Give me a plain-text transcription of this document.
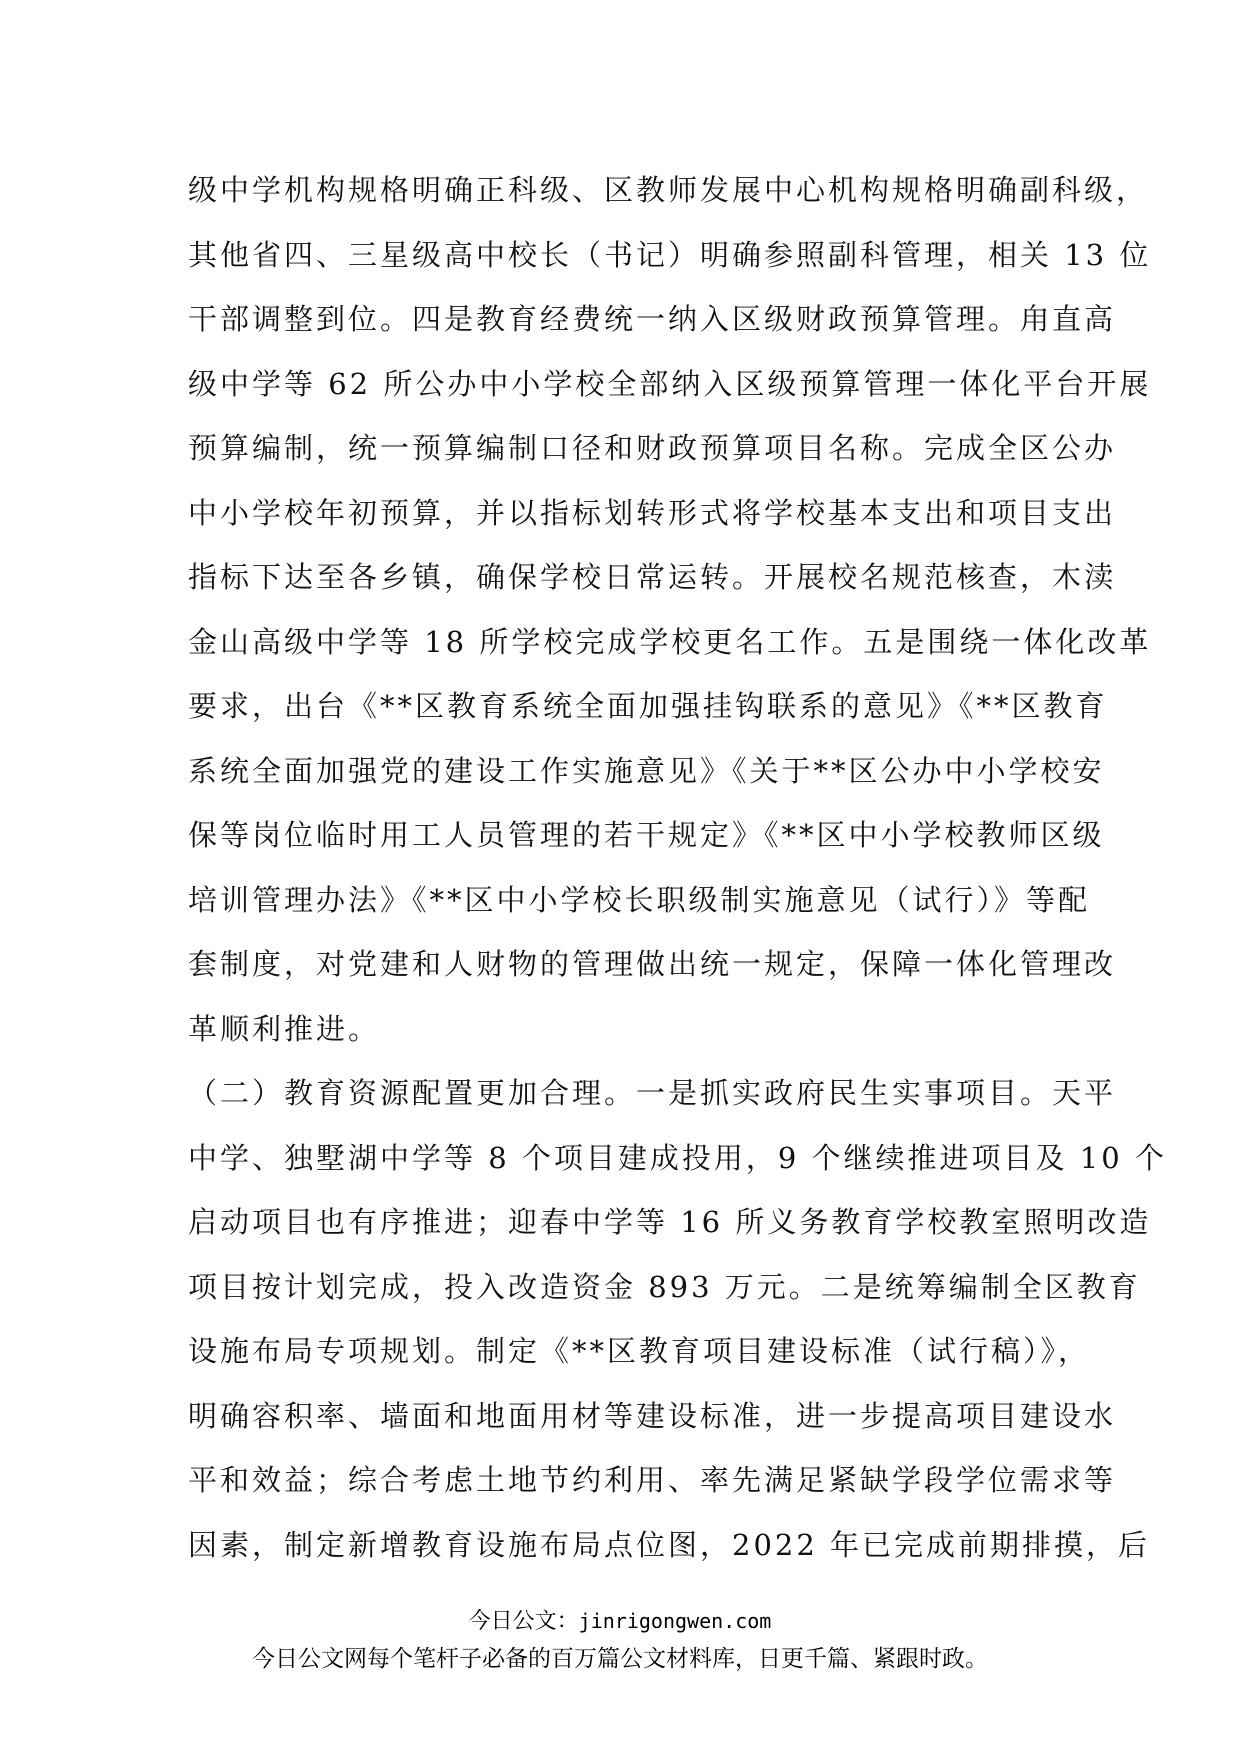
级中学机构规格明确正科级、区教师发展中心机构规格明确副科级，
其他省四、三星级高中校长（书记）明确参照副科管理，相关 13 位
干部调整到位。四是教育经费统一纳入区级财政预算管理。甪直高
级中学等 62 所公办中小学校全部纳入区级预算管理一体化平台开展
预算编制，统一预算编制口径和财政预算项目名称。完成全区公办
中小学校年初预算，并以指标划转形式将学校基本支出和项目支出
指标下达至各乡镇，确保学校日常运转。开展校名规范核查，木渎
金山高级中学等 18 所学校完成学校更名工作。五是围绕一体化改革
要求，出台《**区教育系统全面加强挂钩联系的意见》《**区教育
系统全面加强党的建设工作实施意见》《关于**区公办中小学校安
保等岗位临时用工人员管理的若干规定》《**区中小学校教师区级
培训管理办法》《**区中小学校长职级制实施意见（试行）》等配
套制度，对党建和人财物的管理做出统一规定，保障一体化管理改
革顺利推进。
（二）教育资源配置更加合理。一是抓实政府民生实事项目。天平
中学、独墅湖中学等 8 个项目建成投用，9 个继续推进项目及 10 个
启动项目也有序推进；迎春中学等 16 所义务教育学校教室照明改造
项目按计划完成，投入改造资金 893 万元。二是统筹编制全区教育
设施布局专项规划。制定《**区教育项目建设标准（试行稿）》，
明确容积率、墙面和地面用材等建设标准，进一步提高项目建设水
平和效益；综合考虑土地节约利用、率先满足紧缺学段学位需求等
因素，制定新增教育设施布局点位图，2022 年已完成前期排摸，后
今日公文：jinrigongwen.com
今日公文网每个笔杆子必备的百万篇公文材料库，日更千篇、紧跟时政。
